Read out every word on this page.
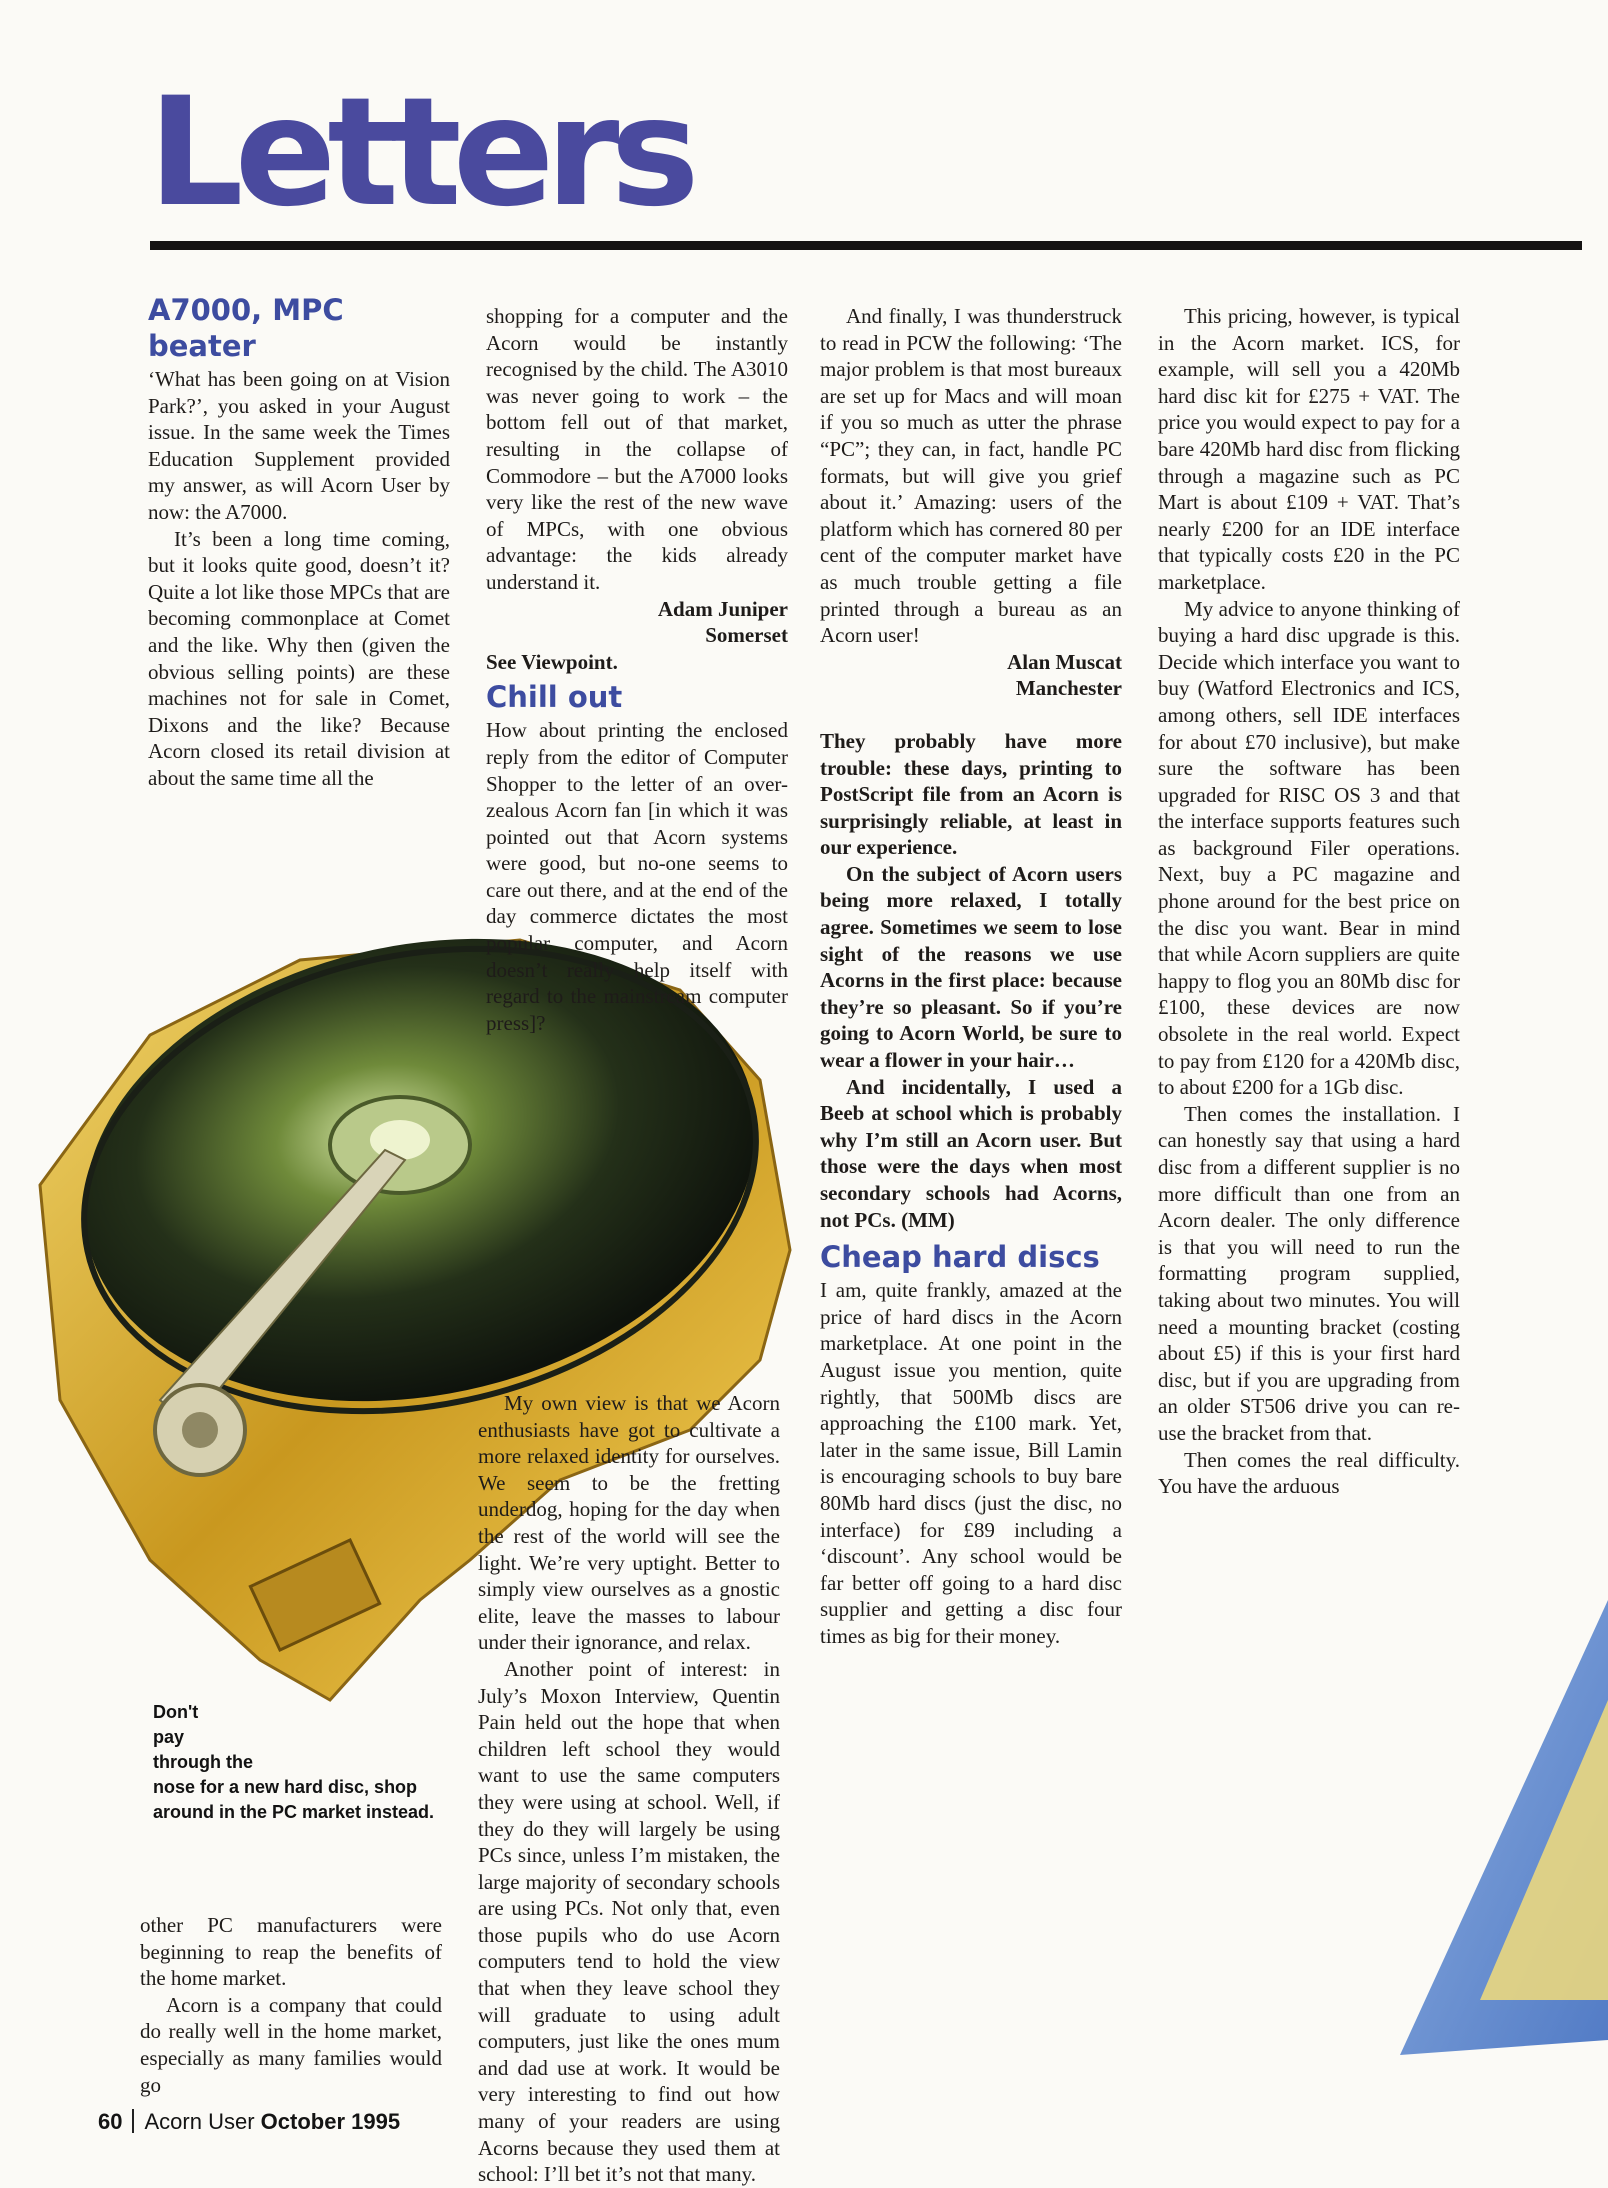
Letters
A7000, MPC beater

‘What has been going on at Vision Park?’, you asked in your August issue. In the same week the Times Education Supplement provided my answer, as will Acorn User by now: the A7000.

It’s been a long time coming, but it looks quite good, doesn’t it? Quite a lot like those MPCs that are becoming commonplace at Comet and the like. Why then (given the obvious selling points) are these machines not for sale in Comet, Dixons and the like? Because Acorn closed its retail division at about the same time all the

other PC manufacturers were beginning to reap the benefits of the home market.

Acorn is a company that could do really well in the home market, especially as many families would go

Don't
pay
through the
nose for a new hard disc, shop around in the PC market instead.

shopping for a computer and the Acorn would be instantly recognised by the child. The A3010 was never going to work – the bottom fell out of that market, resulting in the collapse of Commodore – but the A7000 looks very like the rest of the new wave of MPCs, with one obvious advantage: the kids already understand it.

Adam Juniper

Somerset

See Viewpoint.

Chill out

How about printing the enclosed reply from the editor of Computer Shopper to the letter of an over-zealous Acorn fan [in which it was pointed out that Acorn systems were good, but no-one seems to care out there, and at the end of the day commerce dictates the most popular computer, and Acorn doesn’t really help itself with regard to the mainstream computer press]?

My own view is that we Acorn enthusiasts have got to cultivate a more relaxed identity for ourselves. We seem to be the fretting underdog, hoping for the day when the rest of the world will see the light. We’re very uptight. Better to simply view ourselves as a gnostic elite, leave the masses to labour under their ignorance, and relax.

Another point of interest: in July’s Moxon Interview, Quentin Pain held out the hope that when children left school they would want to use the same computers they were using at school. Well, if they do they will largely be using PCs since, unless I’m mistaken, the large majority of secondary schools are using PCs. Not only that, even those pupils who do use Acorn computers tend to hold the view that when they leave school they will graduate to using adult computers, just like the ones mum and dad use at work. It would be very interesting to find out how many of your readers are using Acorns because they used them at school: I’ll bet it’s not that many.

And finally, I was thunderstruck to read in PCW the following: ‘The major problem is that most bureaux are set up for Macs and will moan if you so much as utter the phrase “PC”; they can, in fact, handle PC formats, but will give you grief about it.’ Amazing: users of the platform which has cornered 80 per cent of the computer market have as much trouble getting a file printed through a bureau as an Acorn user!

Alan Muscat

Manchester

They probably have more trouble: these days, printing to PostScript file from an Acorn is surprisingly reliable, at least in our experience.

On the subject of Acorn users being more relaxed, I totally agree. Sometimes we seem to lose sight of the reasons we use Acorns in the first place: because they’re so pleasant. So if you’re going to Acorn World, be sure to wear a flower in your hair…

And incidentally, I used a Beeb at school which is probably why I’m still an Acorn user. But those were the days when most secondary schools had Acorns, not PCs. (MM)

Cheap hard discs

I am, quite frankly, amazed at the price of hard discs in the Acorn marketplace. At one point in the August issue you mention, quite rightly, that 500Mb discs are approaching the £100 mark. Yet, later in the same issue, Bill Lamin is encouraging schools to buy bare 80Mb hard discs (just the disc, no interface) for £89 including a ‘discount’. Any school would be far better off going to a hard disc supplier and getting a disc four times as big for their money.

This pricing, however, is typical in the Acorn market. ICS, for example, will sell you a 420Mb hard disc kit for £275 + VAT. The price you would expect to pay for a bare 420Mb hard disc from flicking through a magazine such as PC Mart is about £109 + VAT. That’s nearly £200 for an IDE interface that typically costs £20 in the PC marketplace.

My advice to anyone thinking of buying a hard disc upgrade is this. Decide which interface you want to buy (Watford Electronics and ICS, among others, sell IDE interfaces for about £70 inclusive), but make sure the software has been upgraded for RISC OS 3 and that the interface supports features such as background Filer operations. Next, buy a PC magazine and phone around for the best price on the disc you want. Bear in mind that while Acorn suppliers are quite happy to flog you an 80Mb disc for £100, these devices are now obsolete in the real world. Expect to pay from £120 for a 420Mb disc, to about £200 for a 1Gb disc.

Then comes the installation. I can honestly say that using a hard disc from a different supplier is no more difficult than one from an Acorn dealer. The only difference is that you will need to run the formatting program supplied, taking about two minutes. You will need a mounting bracket (costing about £5) if this is your first hard disc, but if you are upgrading from an older ST506 drive you can re-use the bracket from that.

Then comes the real difficulty. You have the arduous

60 Acorn User October 1995
